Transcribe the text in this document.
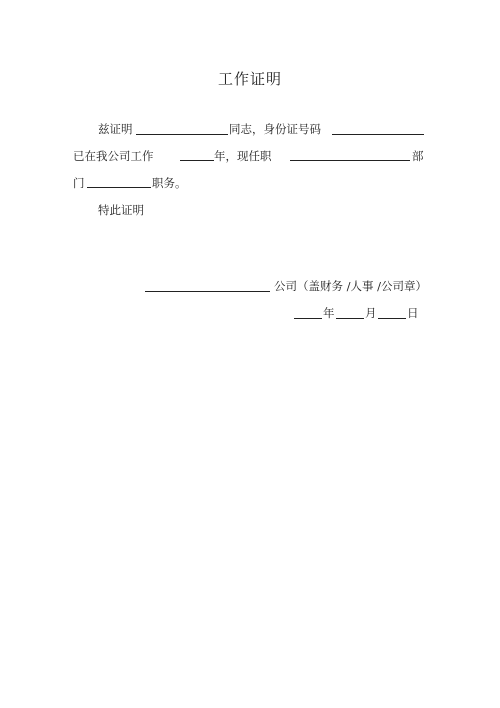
工作证明
兹证明	同志，身份证号码
已在我公司工作	年，现任职	部
门	职务。
特此证明
公司（盖财务 /人事 /公司章）
年	月	日
